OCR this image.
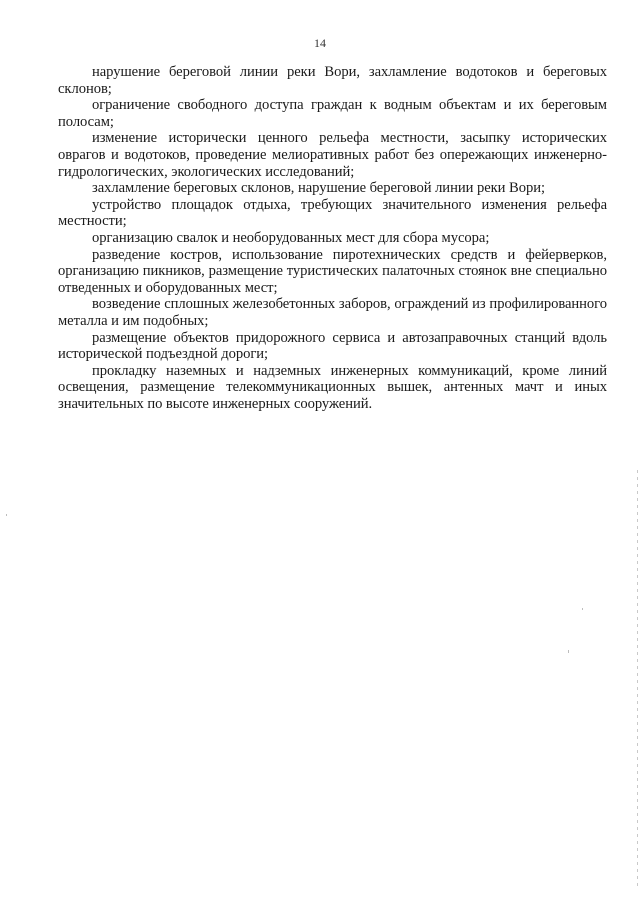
14

нарушение береговой линии реки Вори, захламление водотоков и береговых склонов;

ограничение свободного доступа граждан к водным объектам и их береговым полосам;

изменение исторически ценного рельефа местности, засыпку исторических оврагов и водотоков, проведение мелиоративных работ без опережающих инженерно-гидрологических, экологических исследований;

захламление береговых склонов, нарушение береговой линии реки Вори;

устройство площадок отдыха, требующих значительного изменения рельефа местности;

организацию свалок и необорудованных мест для сбора мусора;

разведение костров, использование пиротехнических средств и фейерверков, организацию пикников, размещение туристических палаточных стоянок вне специально отведенных и оборудованных мест;

возведение сплошных железобетонных заборов, ограждений из профилированного металла и им подобных;

размещение объектов придорожного сервиса и автозаправочных станций вдоль исторической подъездной дороги;

прокладку наземных и надземных инженерных коммуникаций, кроме линий освещения, размещение телекоммуникационных вышек, антенных мачт и иных значительных по высоте инженерных сооружений.
